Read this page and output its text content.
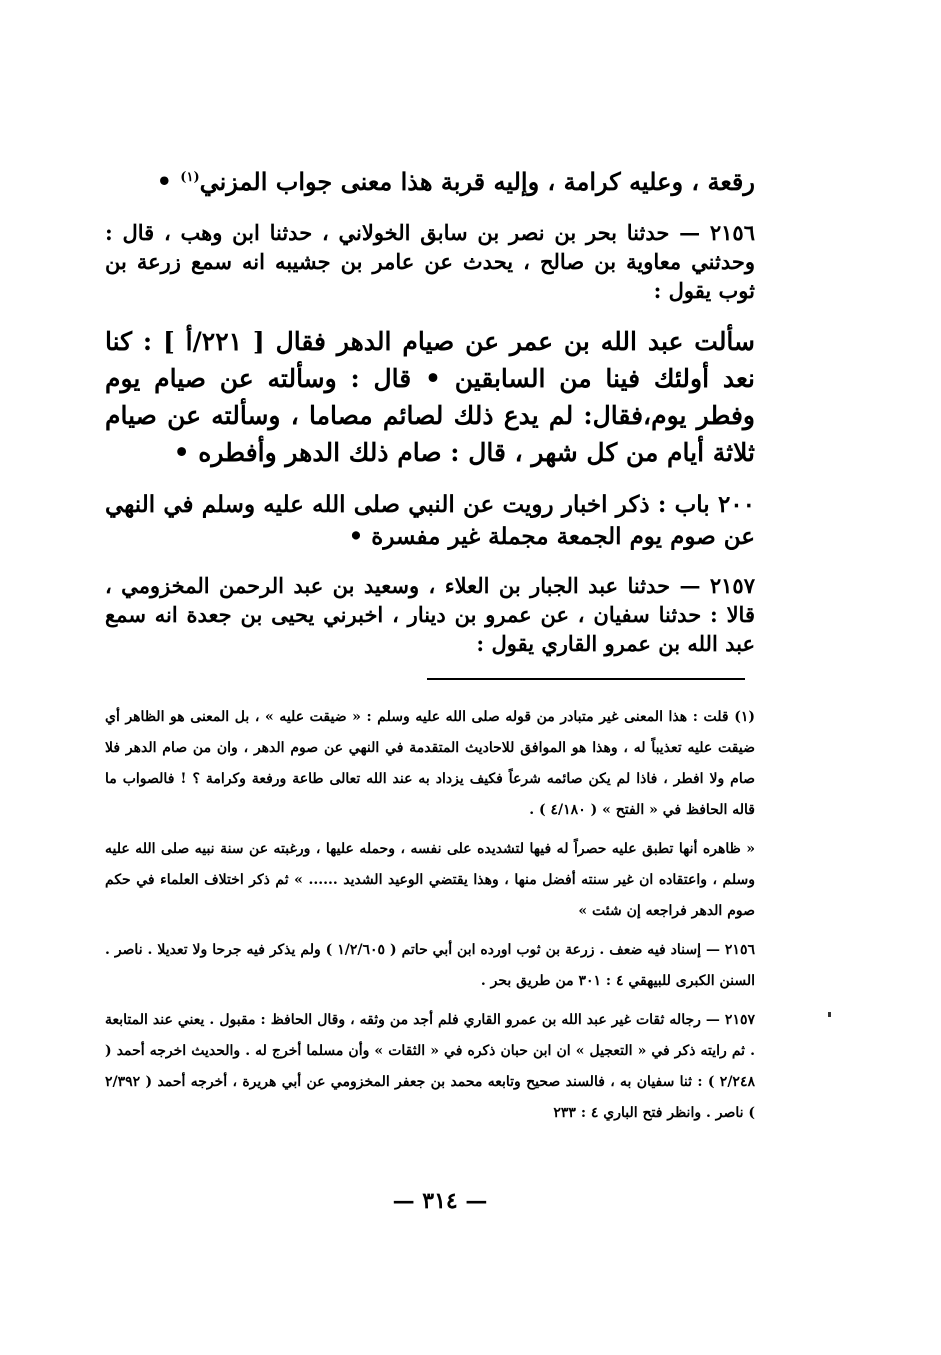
رقعة ، وعليه كرامة ، وإليه قربة هذا معنى جواب المزني$^{(١)}$ •

٢١٥٦ — حدثنا بحر بن نصر بن سابق الخولاني ، حدثنا ابن وهب ، قال : وحدثني معاوية بن صالح ، يحدث عن عامر بن جشيبه انه سمع زرعة بن ثوب يقول :

سألت عبد الله بن عمر عن صيام الدهر فقال [ ٢٢١/أ ] : كنا نعد أولئك فينا من السابقين • قال : وسألته عن صيام يوم وفطر يوم،فقال: لم يدع ذلك لصائم مصاما ، وسألته عن صيام ثلاثة أيام من كل شهر ، قال : صام ذلك الدهر وأفطره •

٢٠٠ باب : ذكر اخبار رويت عن النبي صلى الله عليه وسلم في النهي عن صوم يوم الجمعة مجملة غير مفسرة •

٢١٥٧ — حدثنا عبد الجبار بن العلاء ، وسعيد بن عبد الرحمن المخزومي ، قالا : حدثنا سفيان ، عن عمرو بن دينار ، اخبرني يحيى بن جعدة انه سمع عبد الله بن عمرو القاري يقول :

(١) قلت : هذا المعنى غير متبادر من قوله صلى الله عليه وسلم : « ضيقت عليه » ، بل المعنى هو الظاهر أي ضيقت عليه تعذيباً له ، وهذا هو الموافق للاحاديث المتقدمة في النهي عن صوم الدهر ، وان من صام الدهر فلا صام ولا افطر ، فاذا لم يكن صائمه شرعاً فكيف يزداد به عند الله تعالى طاعة ورفعة وكرامة ؟ ! فالصواب ما قاله الحافظ في « الفتح » ( ٤/١٨٠ ) .

« ظاهره أنها تطبق عليه حصراً له فيها لتشديده على نفسه ، وحمله عليها ، ورغبته عن سنة نبيه صلى الله عليه وسلم ، واعتقاده ان غير سنته أفضل منها ، وهذا يقتضي الوعيد الشديد ...... » ثم ذكر اختلاف العلماء في حكم صوم الدهر فراجعه إن شئت »

٢١٥٦ — إسناد فيه ضعف . زرعة بن ثوب اورده ابن أبي حاتم ( ١/٢/٦٠٥ ) ولم يذكر فيه جرحا ولا تعديلا . ناصر . السنن الكبرى للبيهقي ٤ : ٣٠١ من طريق بحر .

٢١٥٧ — رجاله ثقات غير عبد الله بن عمرو القاري فلم أجد من وثقه ، وقال الحافظ : مقبول . يعني عند المتابعة . ثم رايته ذكر في « التعجيل » ان ابن حبان ذكره في « الثقات » وأن مسلما أخرج له . والحديث اخرجه أحمد ( ٢/٢٤٨ ) : ثنا سفيان به ، فالسند صحيح وتابعه محمد بن جعفر المخزومي عن أبي هريرة ، أخرجه أحمد ( ٢/٣٩٢ ) ناصر . وانظر فتح الباري ٤ : ٢٣٣

— ٣١٤ —
